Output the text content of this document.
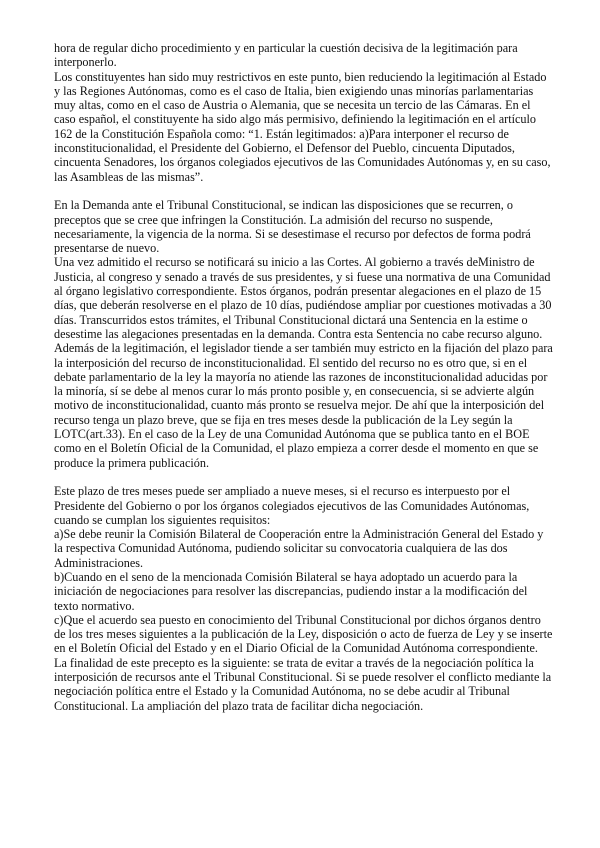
hora de regular dicho procedimiento y en particular la cuestión decisiva de la legitimación para interponerlo.

Los constituyentes han sido muy restrictivos en este punto, bien reduciendo la legitimación al Estado y las Regiones Autónomas, como es el caso de Italia, bien exigiendo unas minorías parlamentarias muy altas, como en el caso de Austria o Alemania, que se necesita un tercio de las Cámaras. En el caso español, el constituyente ha sido algo más permisivo, definiendo la legitimación en el artículo 162 de la Constitución Española como: “1. Están legitimados: a)Para interponer el recurso de inconstitucionalidad, el Presidente del Gobierno, el Defensor del Pueblo, cincuenta Diputados, cincuenta Senadores, los órganos colegiados ejecutivos de las Comunidades Autónomas y, en su caso, las Asambleas de las mismas”.

En la Demanda ante el Tribunal Constitucional, se indican las disposiciones que se recurren, o preceptos que se cree que infringen la Constitución. La admisión del recurso no suspende, necesariamente, la vigencia de la norma. Si se desestimase el recurso por defectos de forma podrá presentarse de nuevo.

Una vez admitido el recurso se notificará su inicio a las Cortes. Al gobierno a través deMinistro de Justicia, al congreso y senado a través de sus presidentes, y si fuese una normativa de una Comunidad al órgano legislativo correspondiente. Estos órganos, podrán presentar alegaciones en el plazo de 15 días, que deberán resolverse en el plazo de 10 días, pudiéndose ampliar por cuestiones motivadas a 30 días. Transcurridos estos trámites, el Tribunal Constitucional dictará una Sentencia en la estime o desestime las alegaciones presentadas en la demanda. Contra esta Sentencia no cabe recurso alguno.

Además de la legitimación, el legislador tiende a ser también muy estricto en la fijación del plazo para la interposición del recurso de inconstitucionalidad. El sentido del recurso no es otro que, si en el debate parlamentario de la ley la mayoría no atiende las razones de inconstitucionalidad aducidas por la minoría, sí se debe al menos curar lo más pronto posible y, en consecuencia, si se advierte algún motivo de inconstitucionalidad, cuanto más pronto se resuelva mejor. De ahí que la interposición del recurso tenga un plazo breve, que se fija en tres meses desde la publicación de la Ley según la LOTC(art.33). En el caso de la Ley de una Comunidad Autónoma que se publica tanto en el BOE como en el Boletín Oficial de la Comunidad, el plazo empieza a correr desde el momento en que se produce la primera publicación.

Este plazo de tres meses puede ser ampliado a nueve meses, si el recurso es interpuesto por el Presidente del Gobierno o por los órganos colegiados ejecutivos de las Comunidades Autónomas, cuando se cumplan los siguientes requisitos:

a)Se debe reunir la Comisión Bilateral de Cooperación entre la Administración General del Estado y la respectiva Comunidad Autónoma, pudiendo solicitar su convocatoria cualquiera de las dos Administraciones.

b)Cuando en el seno de la mencionada Comisión Bilateral se haya adoptado un acuerdo para la iniciación de negociaciones para resolver las discrepancias, pudiendo instar a la modificación del texto normativo.

c)Que el acuerdo sea puesto en conocimiento del Tribunal Constitucional por dichos órganos dentro de los tres meses siguientes a la publicación de la Ley, disposición o acto de fuerza de Ley y se inserte en el Boletín Oficial del Estado y en el Diario Oficial de la Comunidad Autónoma correspondiente.

La finalidad de este precepto es la siguiente: se trata de evitar a través de la negociación política la interposición de recursos ante el Tribunal Constitucional. Si se puede resolver el conflicto mediante la negociación política entre el Estado y la Comunidad Autónoma, no se debe acudir al Tribunal Constitucional. La ampliación del plazo trata de facilitar dicha negociación.
